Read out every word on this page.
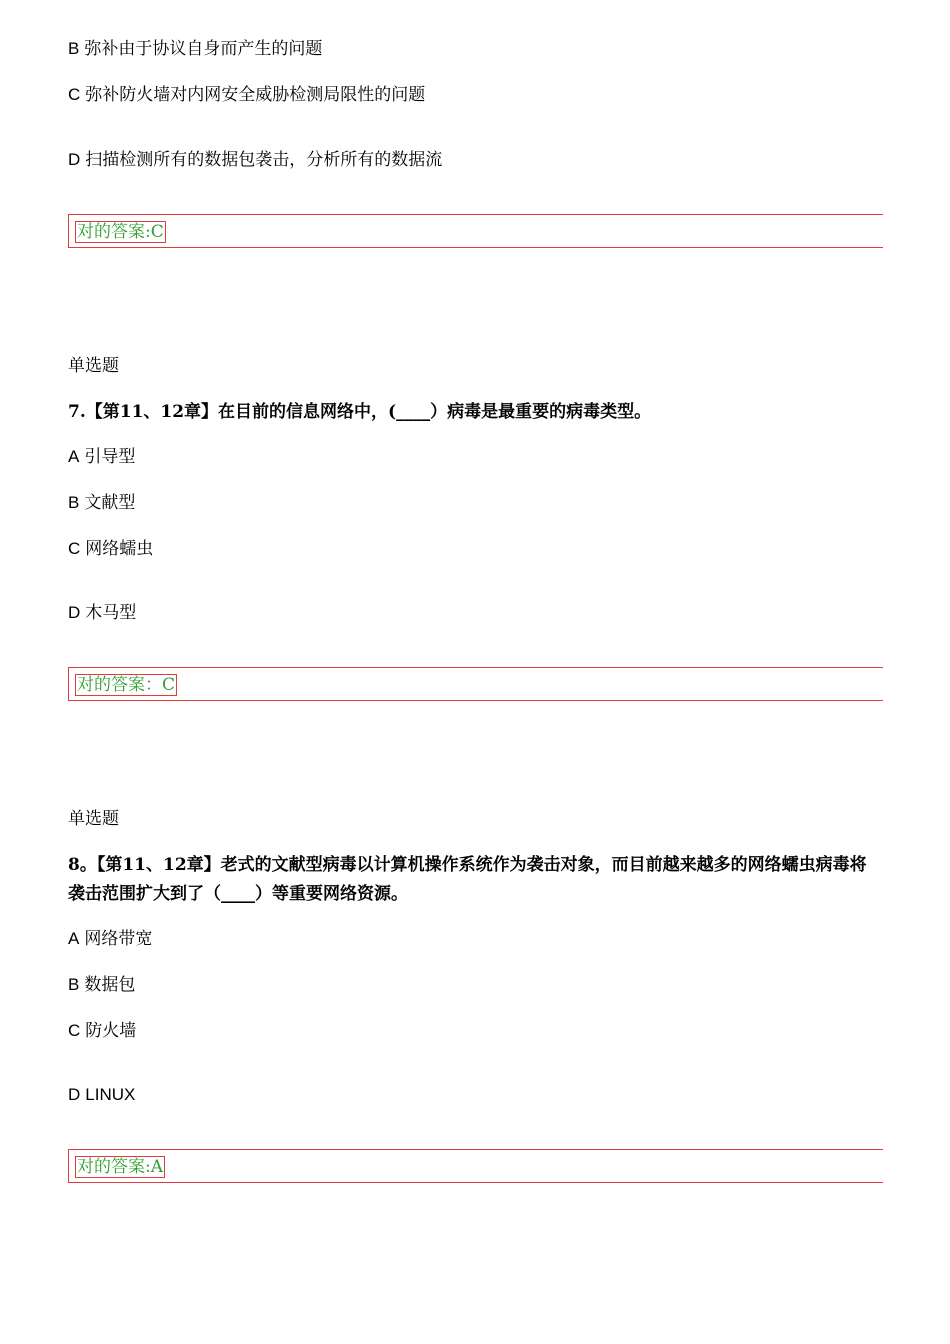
B 弥补由于协议自身而产生的问题
C 弥补防火墙对内网安全威胁检测局限性的问题
D 扫描检测所有的数据包袭击，分析所有的数据流
对的答案:C
单选题
7.【第11、12章】在目前的信息网络中，(____）病毒是最重要的病毒类型。
A 引导型
B 文献型
C 网络蠕虫
D 木马型
对的答案：C
单选题
8。【第11、12章】老式的文献型病毒以计算机操作系统作为袭击对象，而目前越来越多的网络蠕虫病毒将袭击范围扩大到了（____）等重要网络资源。
A 网络带宽
B 数据包
C 防火墙
D LINUX
对的答案:A
